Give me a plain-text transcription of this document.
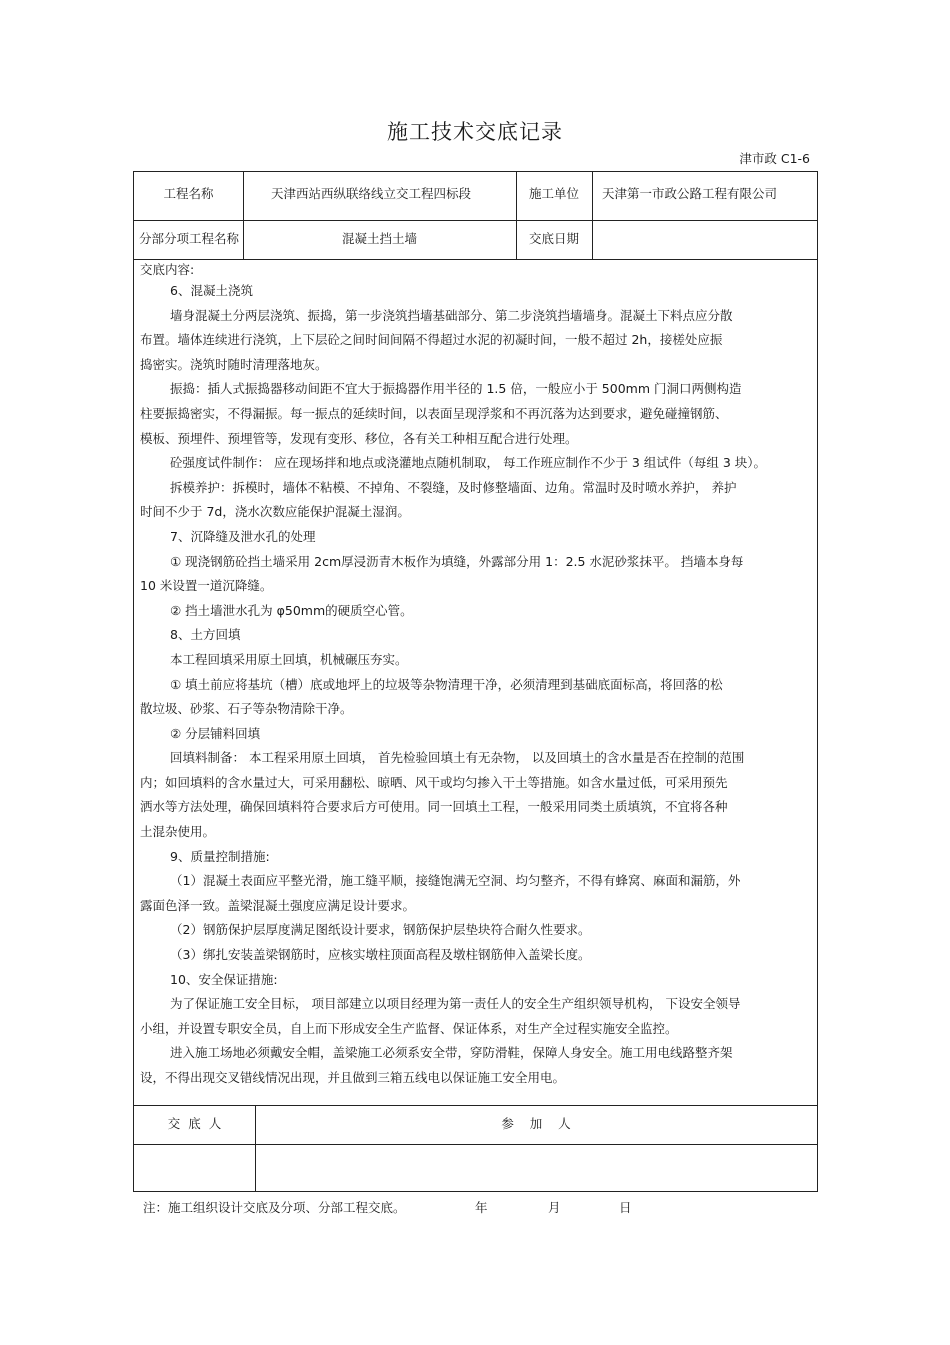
施工技术交底记录
津市政 C1-6
工程名称	天津西站西纵联络线立交工程四标段	施工单位	天津第一市政公路工程有限公司
分部分项工程名称	混凝土挡土墙	交底日期
交底内容:
6、混凝土浇筑
墙身混凝土分两层浇筑、振捣，第一步浇筑挡墙基础部分、第二步浇筑挡墙墙身。混凝土下料点应分散
布置。墙体连续进行浇筑，上下层砼之间时间间隔不得超过水泥的初凝时间，一般不超过 2h，接槎处应振
捣密实。浇筑时随时清理落地灰。
振捣：插人式振捣器移动间距不宜大于振捣器作用半径的 1.5 倍，一般应小于 500mm 门洞口两侧构造
柱要振捣密实，不得漏振。每一振点的延续时间，以表面呈现浮浆和不再沉落为达到要求，避免碰撞钢筋、
模板、预埋件、预埋管等，发现有变形、移位，各有关工种相互配合进行处理。
砼强度试件制作： 应在现场拌和地点或浇灌地点随机制取， 每工作班应制作不少于 3 组试件（每组 3 块）。
拆模养护：拆模时，墙体不粘模、不掉角、不裂缝，及时修整墙面、边角。常温时及时喷水养护， 养护
时间不少于 7d，浇水次数应能保护混凝土湿润。
7、沉降缝及泄水孔的处理
① 现浇钢筋砼挡土墙采用 2cm厚浸沥青木板作为填缝，外露部分用 1：2.5 水泥砂浆抹平。 挡墙本身每
10 米设置一道沉降缝。
② 挡土墙泄水孔为 φ50mm的硬质空心管。
8、土方回填
本工程回填采用原土回填，机械碾压夯实。
① 填土前应将基坑（槽）底或地坪上的垃圾等杂物清理干净，必须清理到基础底面标高，将回落的松
散垃圾、砂浆、石子等杂物清除干净。
② 分层铺料回填
回填料制备： 本工程采用原土回填， 首先检验回填土有无杂物， 以及回填土的含水量是否在控制的范围
内；如回填料的含水量过大，可采用翻松、晾晒、风干或均匀掺入干土等措施。如含水量过低，可采用预先
洒水等方法处理，确保回填料符合要求后方可使用。同一回填土工程，一般采用同类土质填筑，不宜将各种
土混杂使用。
9、质量控制措施:
（1）混凝土表面应平整光滑，施工缝平顺，接缝饱满无空洞、均匀整齐，不得有蜂窝、麻面和漏筋，外
露面色泽一致。盖梁混凝土强度应满足设计要求。
（2）钢筋保护层厚度满足图纸设计要求，钢筋保护层垫块符合耐久性要求。
（3）绑扎安装盖梁钢筋时，应核实墩柱顶面高程及墩柱钢筋伸入盖梁长度。
10、安全保证措施:
为了保证施工安全目标， 项目部建立以项目经理为第一责任人的安全生产组织领导机构， 下设安全领导
小组，并设置专职安全员，自上而下形成安全生产监督、保证体系，对生产全过程实施安全监控。
进入施工场地必须戴安全帽，盖梁施工必须系安全带，穿防滑鞋，保障人身安全。施工用电线路整齐架
设，不得出现交叉错线情况出现，并且做到三箱五线电以保证施工安全用电。
交  底  人	参    加    人
注：施工组织设计交底及分项、分部工程交底。	年	月	日
